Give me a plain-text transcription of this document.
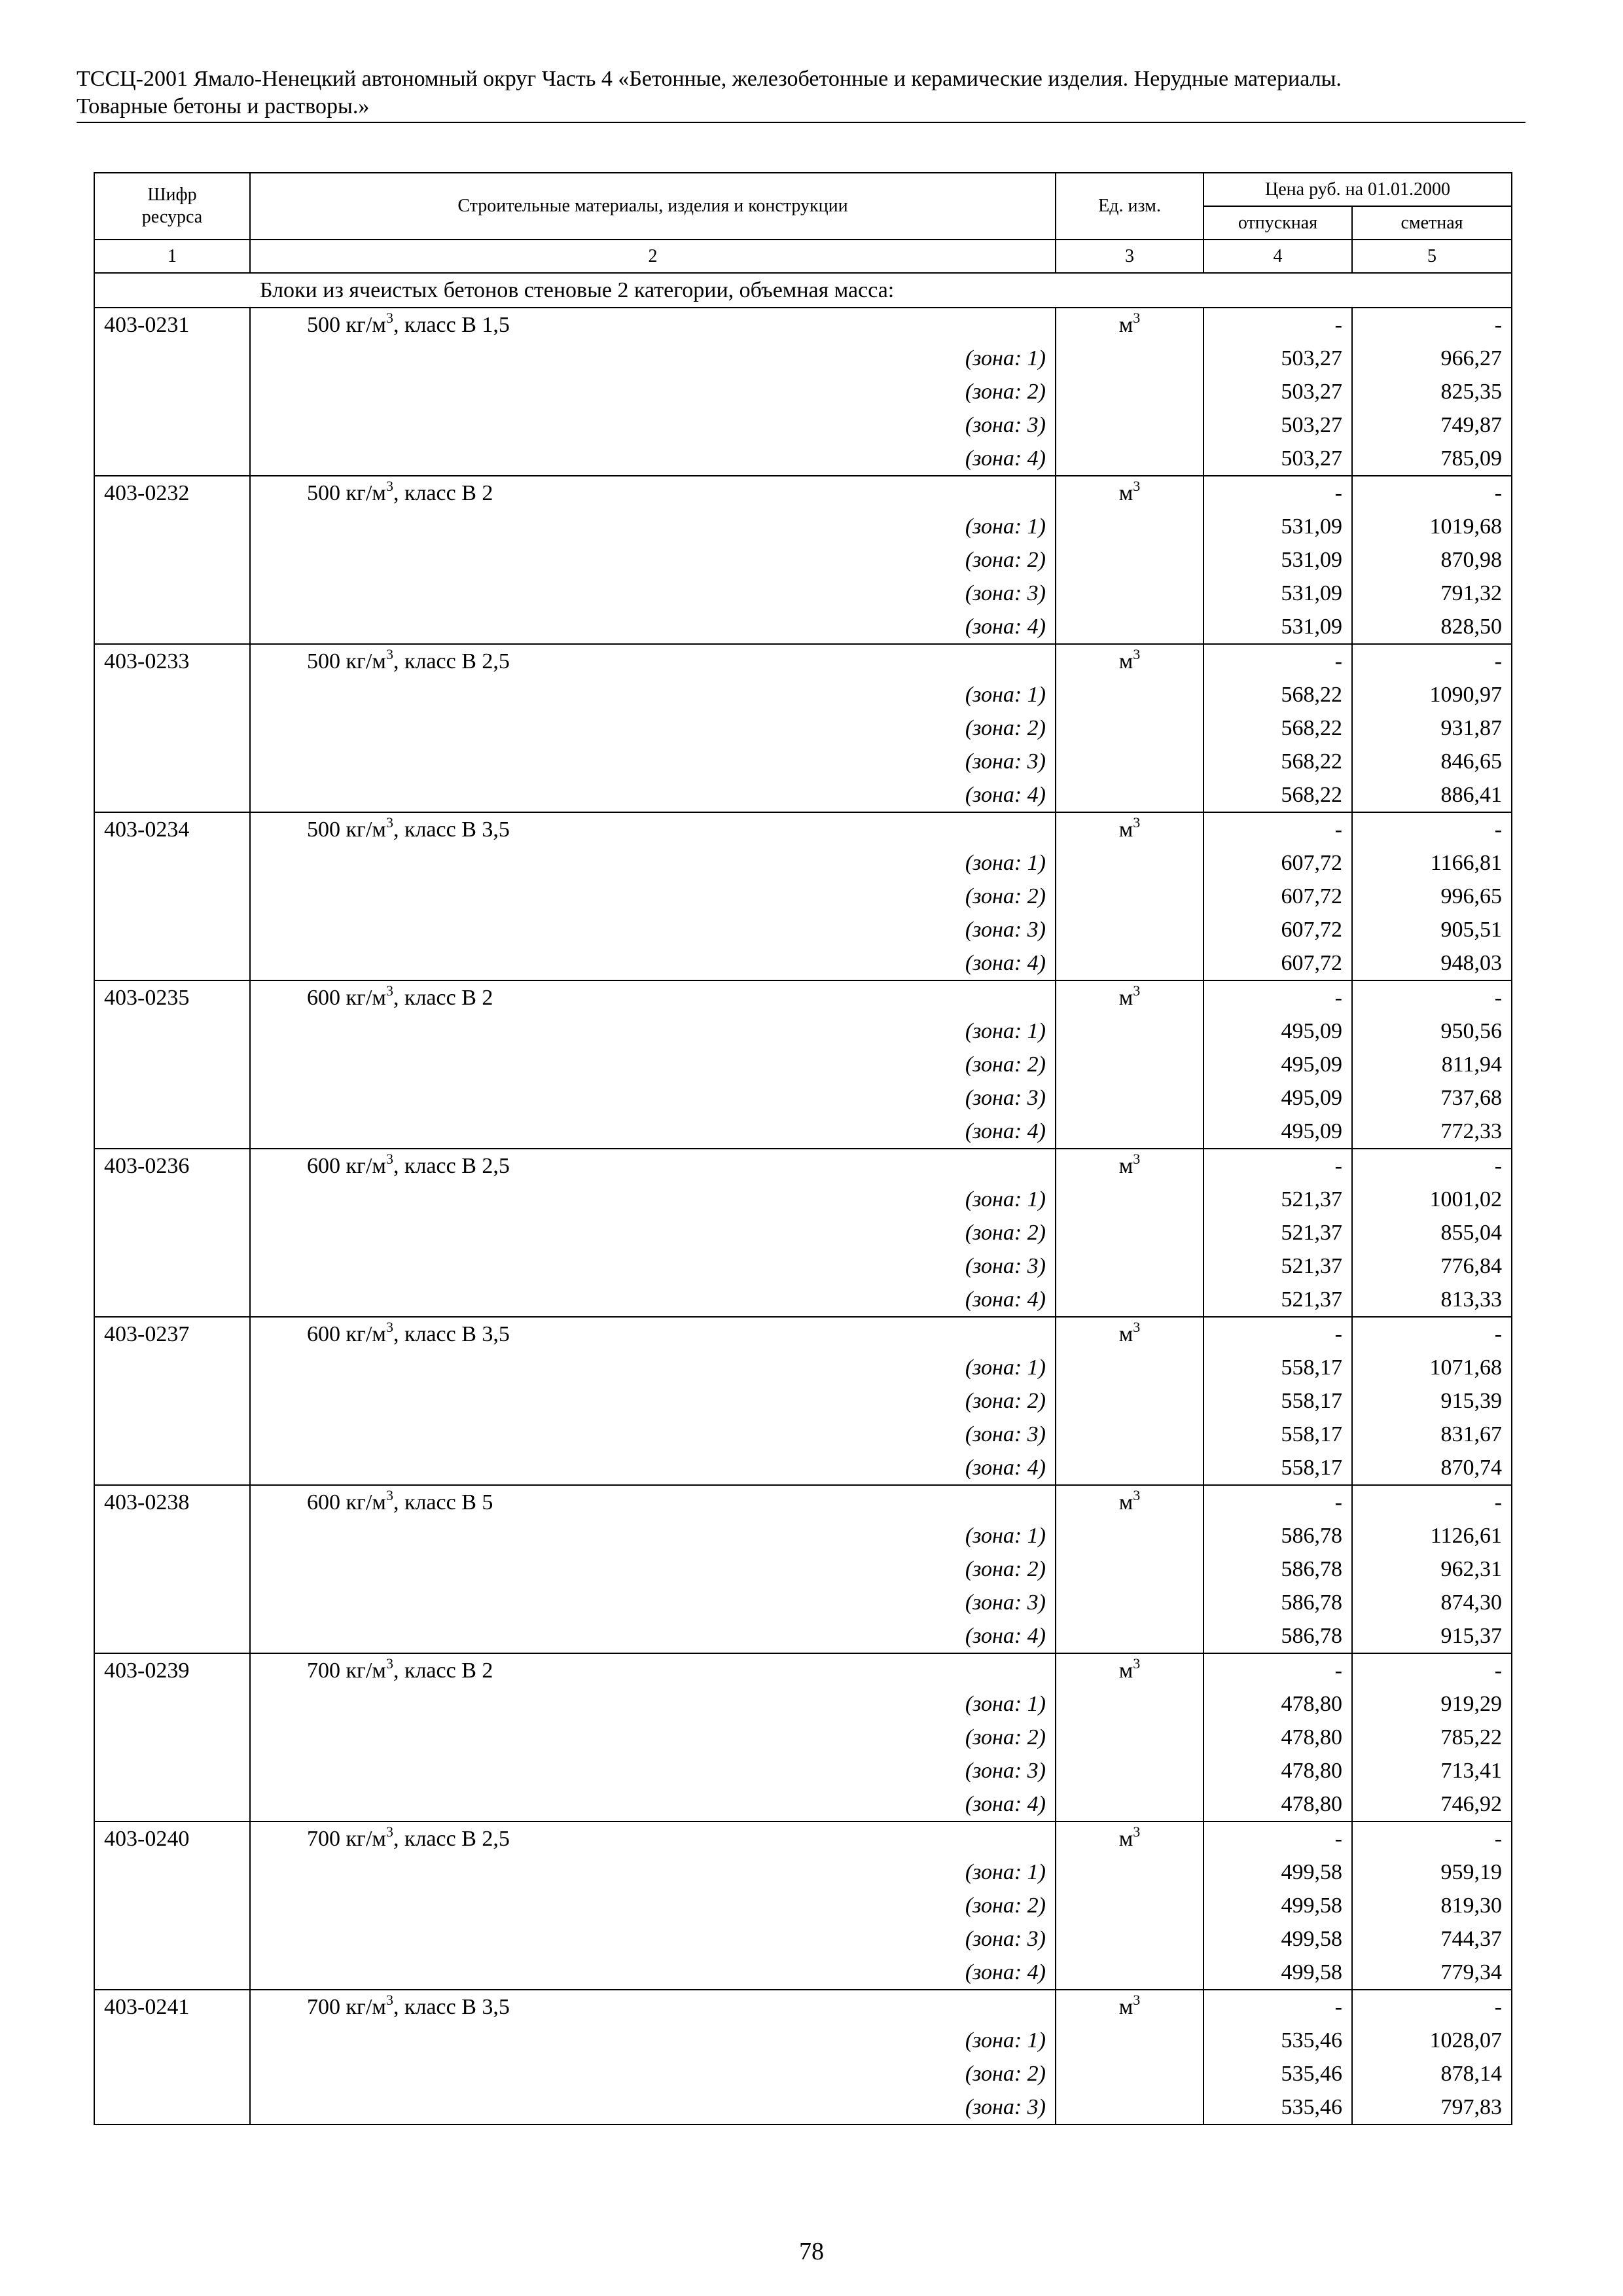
ТССЦ-2001 Ямало-Ненецкий автономный округ Часть 4 «Бетонные, железобетонные и керамические изделия. Нерудные материалы.
Товарные бетоны и растворы.»
Шифр ресурса	Строительные материалы, изделия и конструкции	Ед. изм.	Цена руб. на 01.01.2000	
			отпускная	сметная
1	2	3	4	5
Блоки из ячеистых бетонов стеновые 2 категории, объемная масса:				
403-0231	500 $кг/м^3$, класс В 1,5	$м^3$	-	-
	(зона: 1)		503,27	966,27
	(зона: 2)		503,27	825,35
	(зона: 3)		503,27	749,87
	(зона: 4)		503,27	785,09
403-0232	500 $кг/м^3$, класс В 2	$м^3$	-	-
	(зона: 1)		531,09	1019,68
	(зона: 2)		531,09	870,98
	(зона: 3)		531,09	791,32
	(зона: 4)		531,09	828,50
403-0233	500 $кг/м^3$, класс В 2,5	$м^3$	-	-
	(зона: 1)		568,22	1090,97
	(зона: 2)		568,22	931,87
	(зона: 3)		568,22	846,65
	(зона: 4)		568,22	886,41
403-0234	500 $кг/м^3$, класс В 3,5	$м^3$	-	-
	(зона: 1)		607,72	1166,81
	(зона: 2)		607,72	996,65
	(зона: 3)		607,72	905,51
	(зона: 4)		607,72	948,03
403-0235	600 $кг/м^3$, класс В 2	$м^3$	-	-
	(зона: 1)		495,09	950,56
	(зона: 2)		495,09	811,94
	(зона: 3)		495,09	737,68
	(зона: 4)		495,09	772,33
403-0236	600 $кг/м^3$, класс В 2,5	$м^3$	-	-
	(зона: 1)		521,37	1001,02
	(зона: 2)		521,37	855,04
	(зона: 3)		521,37	776,84
	(зона: 4)		521,37	813,33
403-0237	600 $кг/м^3$, класс В 3,5	$м^3$	-	-
	(зона: 1)		558,17	1071,68
	(зона: 2)		558,17	915,39
	(зона: 3)		558,17	831,67
	(зона: 4)		558,17	870,74
403-0238	600 $кг/м^3$, класс В 5	$м^3$	-	-
	(зона: 1)		586,78	1126,61
	(зона: 2)		586,78	962,31
	(зона: 3)		586,78	874,30
	(зона: 4)		586,78	915,37
403-0239	700 $кг/м^3$, класс В 2	$м^3$	-	-
	(зона: 1)		478,80	919,29
	(зона: 2)		478,80	785,22
	(зона: 3)		478,80	713,41
	(зона: 4)		478,80	746,92
403-0240	700 $кг/м^3$, класс В 2,5	$м^3$	-	-
	(зона: 1)		499,58	959,19
	(зона: 2)		499,58	819,30
	(зона: 3)		499,58	744,37
	(зона: 4)		499,58	779,34
403-0241	700 $кг/м^3$, класс В 3,5	$м^3$	-	-
	(зона: 1)		535,46	1028,07
	(зона: 2)		535,46	878,14
	(зона: 3)		535,46	797,83
78
